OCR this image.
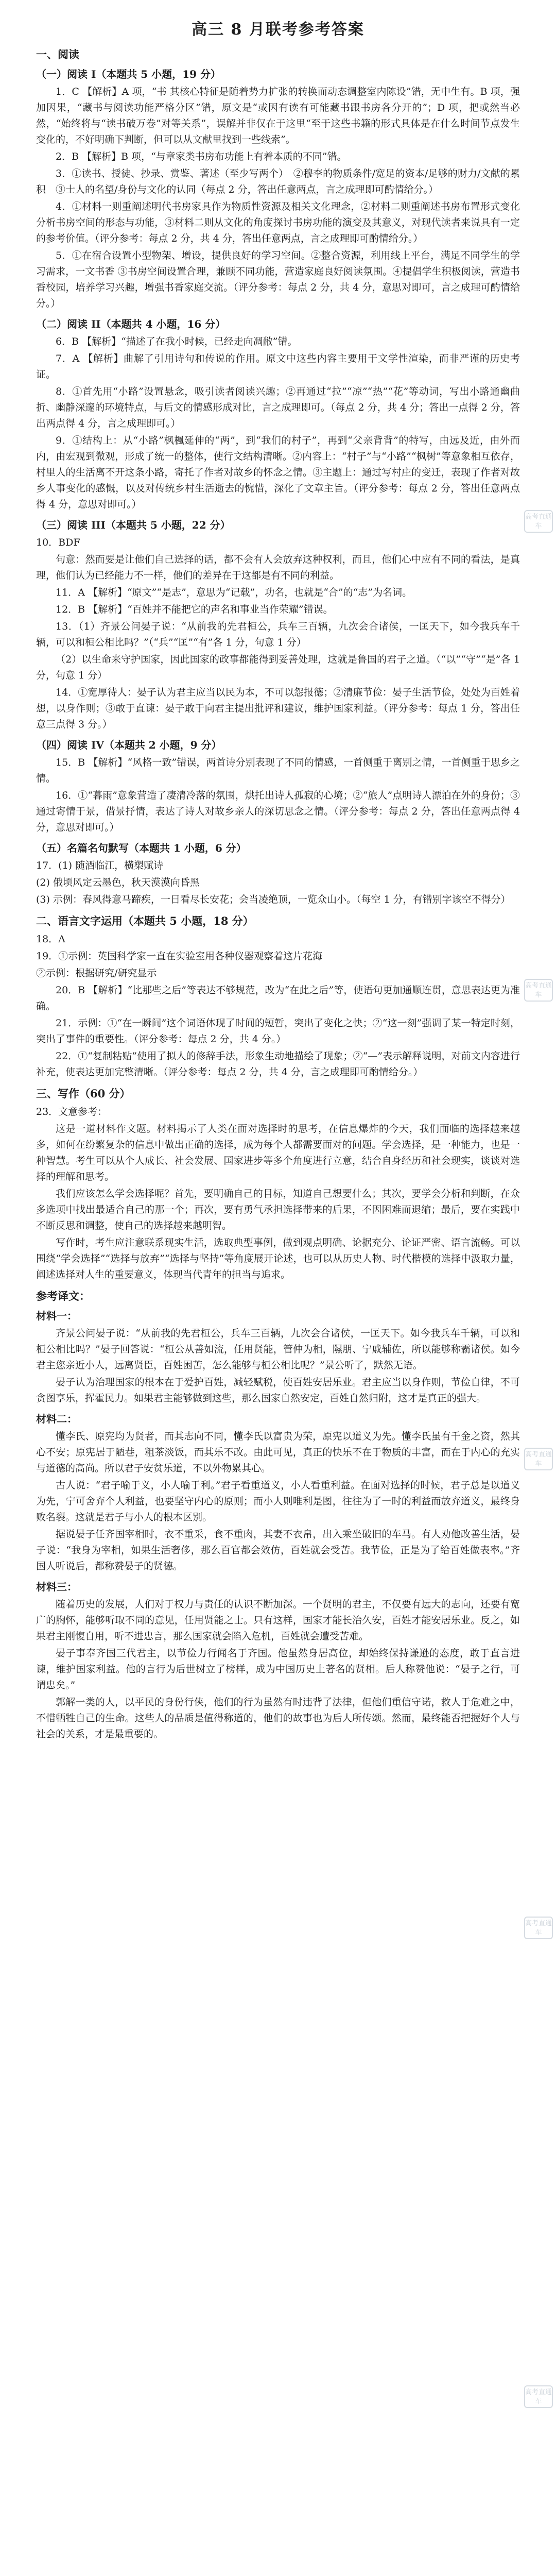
高三 8 月联考参考答案
一、阅读
（一）阅读 I（本题共 5 小题，19 分）
1．C 【解析】A 项，“书 其核心特征是随着势力扩张的转换而动态调整室内陈设”错，无中生有。B 项，强加因果，“藏书与阅读功能严格分区”错，原文是“或因有读有可能藏书跟书房各分开的”；D 项，把或然当必然，“始终将与“读书破万卷”对等关系”，误解并非仅在于这里“至于这些书籍的形式具体是在什么时间节点发生变化的，不好明确下判断，但可以从文献里找到一些线索”。
2．B 【解析】B 项，“与章家类书房布功能上有着本质的不同”错。
3．①读书、授徒、抄录、赏鉴、著述（至少写两个）　②穆李的物质条件/宽足的资本/足够的财力/文献的累积　③士人的名望/身份与文化的认同（每点 2 分，答出任意两点，言之成理即可酌情给分。）
4．①材料一则重阐述明代书房家具作为物质性资源及相关文化理念，②材料二则重阐述书房布置形式变化分析书房空间的形态与功能，③材料二则从文化的角度探讨书房功能的演变及其意义，对现代读者来说具有一定的参考价值。（评分参考：每点 2 分，共 4 分，答出任意两点，言之成理即可酌情给分。）
5．①在宿合设置小型物架、增设，提供良好的学习空间。②整合资源，利用线上平台，满足不同学生的学习需求，一文书香 ③书房空间设置合理，兼顾不同功能，营造家庭良好阅读氛围。④提倡学生积极阅读，营造书香校园，培养学习兴趣，增强书香家庭交流。（评分参考：每点 2 分，共 4 分，意思对即可，言之成理可酌情给分。）
（二）阅读 II（本题共 4 小题，16 分）
6．B 【解析】“描述了在我小时候，已经走向凋敝”错。
7．A 【解析】曲解了引用诗句和传说的作用。原文中这些内容主要用于文学性渲染，而非严谨的历史考证。
8．①首先用“小路”设置悬念，吸引读者阅读兴趣；②再通过“拉”“凉”“热”“花”等动词，写出小路通幽曲折、幽静深邃的环境特点，与后文的情感形成对比，言之成理即可。（每点 2 分，共 4 分；答出一点得 2 分，答出两点得 4 分，言之成理即可。）
9．①结构上：从“小路”枫楓延伸的“两”，到“我们的村子”，再到“父亲背背”的特写，由远及近，由外而内，由宏观到微观，形成了统一的整体，使行文结构清晰。②内容上：“村子”与“小路”“枫树”等意象相互依存，村里人的生活离不开这条小路，寄托了作者对故乡的怀念之情。③主题上：通过写村庄的变迁，表现了作者对故乡人事变化的感慨，以及对传统乡村生活逝去的惋惜，深化了文章主旨。（评分参考：每点 2 分，答出任意两点得 4 分，意思对即可。）
（三）阅读 III（本题共 5 小题，22 分）
10．BDF
句意：然而要是让他们自己选择的话，都不会有人会放弃这种权利，而且，他们心中应有不同的看法，是真理，他们认为已经能力不一样，他们的差异在于这都是有不同的利益。
11．A 【解析】“原文”“是志”，意思为“记载”，功名，也就是“合”的“志”为名词。
12．B 【解析】“百姓并不能把它的声名和事业当作荣耀”错误。
13．（1）齐景公问晏子说：“从前我的先君桓公，兵车三百辆，九次会合诸侯，一匡天下，如今我兵车千辆，可以和桓公相比吗？”（“兵”“匡”“有”各 1 分，句意 1 分）
（2）以生命来守护国家，因此国家的政事都能得到妥善处理，这就是鲁国的君子之道。（“以”“守”“是”各 1 分，句意 1 分）
14．①宽厚待人：晏子认为君主应当以民为本，不可以怨报德；②清廉节俭：晏子生活节俭，处处为百姓着想，以身作则；③敢于直谏：晏子敢于向君主提出批评和建议，维护国家利益。（评分参考：每点 1 分，答出任意三点得 3 分。）
（四）阅读 IV（本题共 2 小题，9 分）
15．B 【解析】“风格一致”错误，两首诗分别表现了不同的情感，一首侧重于离别之情，一首侧重于思乡之情。
16．①“暮雨”意象营造了凄清冷落的氛围，烘托出诗人孤寂的心境；②“旅人”点明诗人漂泊在外的身份；③通过寄情于景，借景抒情，表达了诗人对故乡亲人的深切思念之情。（评分参考：每点 2 分，答出任意两点得 4 分，意思对即可。）
（五）名篇名句默写（本题共 1 小题，6 分）
17．(1) 随酒临江，横槊赋诗
(2) 俄顷风定云墨色，秋天漠漠向昏黑
(3) 示例：春风得意马蹄疾，一日看尽长安花；会当凌绝顶，一览众山小。（每空 1 分，有错别字该空不得分）
二、语言文字运用（本题共 5 小题，18 分）
18．A
19．①示例：英国科学家一直在实验室用各种仪器观察着这片花海
②示例：根据研究/研究显示
20．B 【解析】“比那些之后”等表达不够规范，改为“在此之后”等，使语句更加通顺连贯，意思表达更为准确。
21．示例：①“在一瞬间”这个词语体现了时间的短暂，突出了变化之快；②“这一刻”强调了某一特定时刻，突出了事件的重要性。（评分参考：每点 2 分，共 4 分。）
22．①“复制粘贴”使用了拟人的修辞手法，形象生动地描绘了现象；②“—”表示解释说明，对前文内容进行补充，使表达更加完整清晰。（评分参考：每点 2 分，共 4 分，言之成理即可酌情给分。）
三、写作（60 分）
23．文意参考：
这是一道材料作文题。材料揭示了人类在面对选择时的思考，在信息爆炸的今天，我们面临的选择越来越多，如何在纷繁复杂的信息中做出正确的选择，成为每个人都需要面对的问题。学会选择，是一种能力，也是一种智慧。考生可以从个人成长、社会发展、国家进步等多个角度进行立意，结合自身经历和社会现实，谈谈对选择的理解和思考。
我们应该怎么学会选择呢？首先，要明确自己的目标，知道自己想要什么；其次，要学会分析和判断，在众多选项中找出最适合自己的那一个；再次，要有勇气承担选择带来的后果，不因困难而退缩；最后，要在实践中不断反思和调整，使自己的选择越来越明智。
写作时，考生应注意联系现实生活，选取典型事例，做到观点明确、论据充分、论证严密、语言流畅。可以围绕“学会选择”“选择与放弃”“选择与坚持”等角度展开论述，也可以从历史人物、时代楷模的选择中汲取力量，阐述选择对人生的重要意义，体现当代青年的担当与追求。
参考译文：
材料一：
齐景公问晏子说：“从前我的先君桓公，兵车三百辆，九次会合诸侯，一匡天下。如今我兵车千辆，可以和桓公相比吗？”晏子回答说：“桓公从善如流，任用贤能，管仲为相，隰朋、宁戚辅佐，所以能够称霸诸侯。如今君主您亲近小人，远离贤臣，百姓困苦，怎么能够与桓公相比呢？”景公听了，默然无语。
晏子认为治理国家的根本在于爱护百姓，减轻赋税，使百姓安居乐业。君主应当以身作则，节俭自律，不可贪图享乐，挥霍民力。如果君主能够做到这些，那么国家自然安定，百姓自然归附，这才是真正的强大。
材料二：
懂李氏、原宪均为贤者，而其志向不同，懂李氏以富贵为荣，原宪以道义为先。懂李氏虽有千金之资，然其心不安；原宪居于陋巷，粗茶淡饭，而其乐不改。由此可见，真正的快乐不在于物质的丰富，而在于内心的充实与道德的高尚。所以君子安贫乐道，不以外物累其心。
古人说：“君子喻于义，小人喻于利。”君子看重道义，小人看重利益。在面对选择的时候，君子总是以道义为先，宁可舍弃个人利益，也要坚守内心的原则；而小人则唯利是图，往往为了一时的利益而放弃道义，最终身败名裂。这就是君子与小人的根本区别。
据说晏子任齐国宰相时，衣不重采，食不重肉，其妻不衣帛，出入乘坐破旧的车马。有人劝他改善生活，晏子说：“我身为宰相，如果生活奢侈，那么百官都会效仿，百姓就会受苦。我节俭，正是为了给百姓做表率。”齐国人听说后，都称赞晏子的贤德。
材料三：
随着历史的发展，人们对于权力与责任的认识不断加深。一个贤明的君主，不仅要有远大的志向，还要有宽广的胸怀，能够听取不同的意见，任用贤能之士。只有这样，国家才能长治久安，百姓才能安居乐业。反之，如果君主刚愎自用，听不进忠言，那么国家就会陷入危机，百姓就会遭受苦难。
晏子事奉齐国三代君主，以节俭力行闻名于齐国。他虽然身居高位，却始终保持谦逊的态度，敢于直言进谏，维护国家利益。他的言行为后世树立了榜样，成为中国历史上著名的贤相。后人称赞他说：“晏子之行，可谓忠矣。”
郭解一类的人，以平民的身份行侠，他们的行为虽然有时违背了法律，但他们重信守诺，救人于危难之中，不惜牺牲自己的生命。这些人的品质是值得称道的，他们的故事也为后人所传颂。然而，最终能否把握好个人与社会的关系，才是最重要的。
高考直通车
高考直通车
高考直通车
高考直通车
高考直通车
